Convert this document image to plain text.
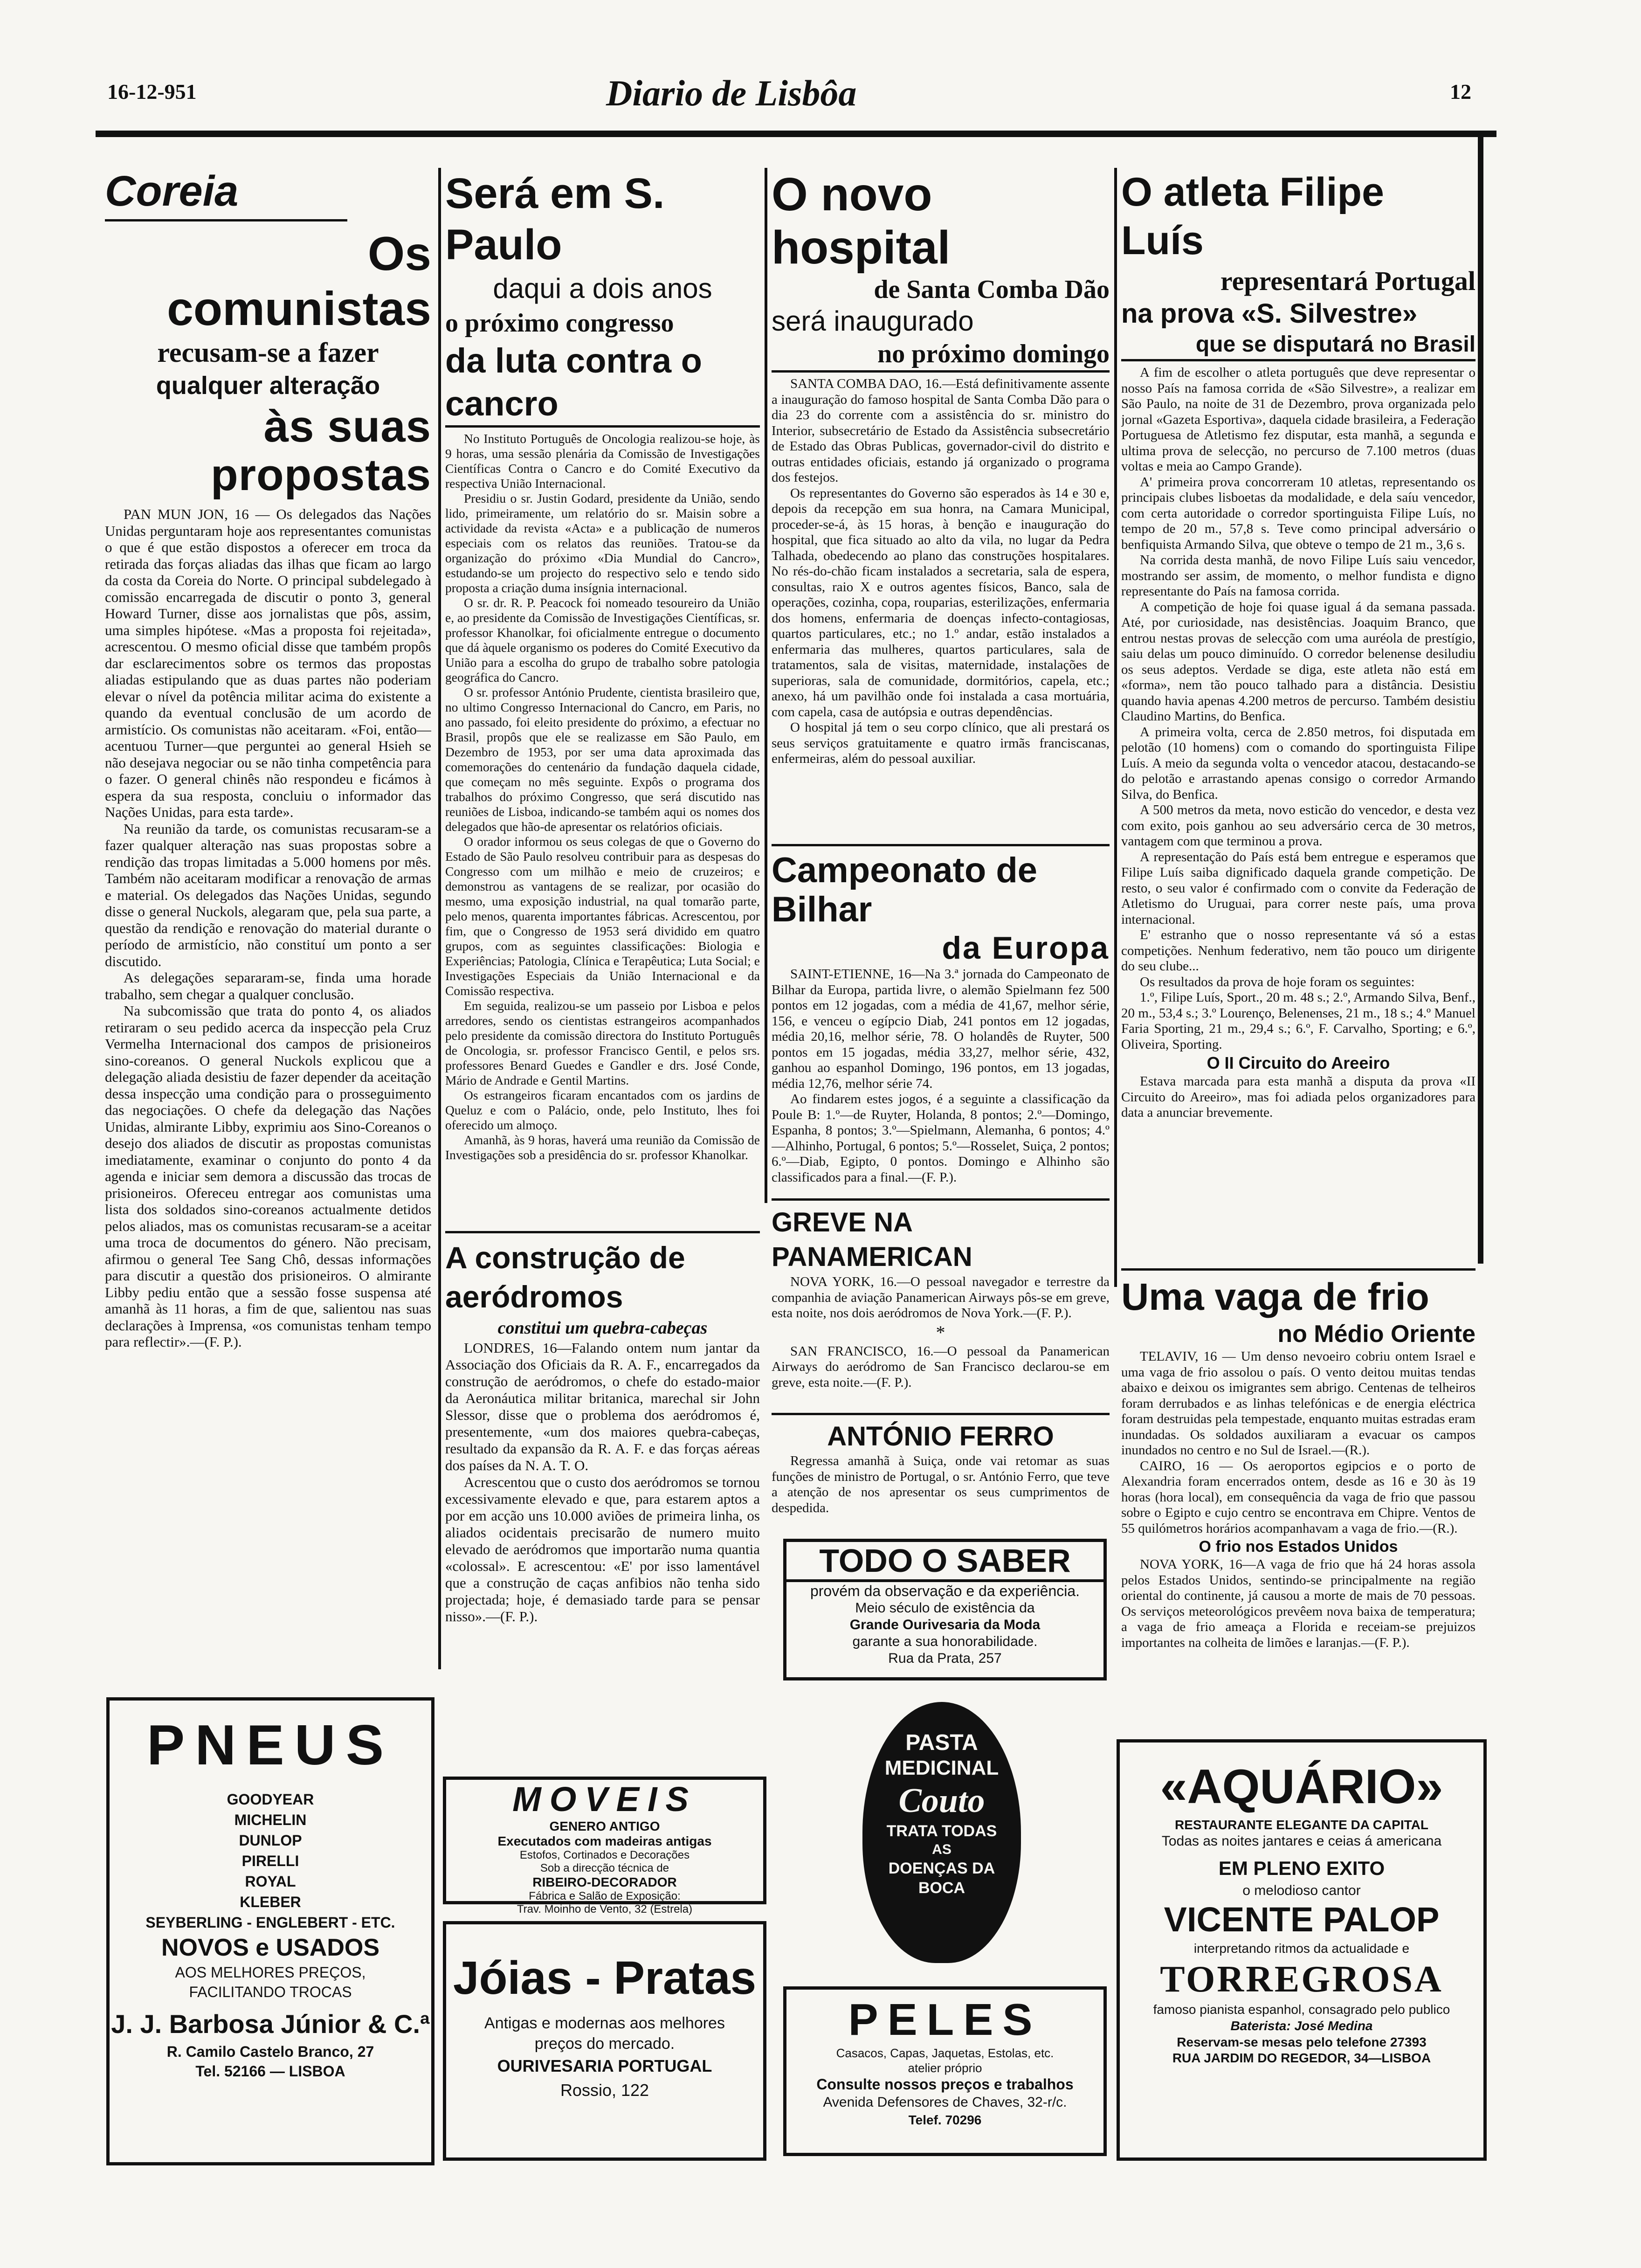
16-12-951	Diario de Lisbôa	12
Coreia
Os comunistas
recusam-se a fazer
qualquer alteração
às suas propostas

PAN MUN JON, 16 — Os delegados das Nações Unidas perguntaram hoje aos representantes comunistas o que é que estão dispostos a oferecer em troca da retirada das forças aliadas das ilhas que ficam ao largo da costa da Coreia do Norte. O principal subdelegado à comissão encarregada de discutir o ponto 3, general Howard Turner, disse aos jornalistas que pôs, assim, uma simples hipótese. «Mas a proposta foi rejeitada», acrescentou. O mesmo oficial disse que também propôs dar esclarecimentos sobre os termos das propostas aliadas estipulando que as duas partes não poderiam elevar o nível da potência militar acima do existente a quando da eventual conclusão de um acordo de armistício. Os comunistas não aceitaram. «Foi, então—acentuou Turner—que perguntei ao general Hsieh se não desejava negociar ou se não tinha competência para o fazer. O general chinês não respondeu e ficámos à espera da sua resposta, concluiu o informador das Nações Unidas, para esta tarde».

Na reunião da tarde, os comunistas recusaram-se a fazer qualquer alteração nas suas propostas sobre a rendição das tropas limitadas a 5.000 homens por mês. Também não aceitaram modificar a renovação de armas e material. Os delegados das Nações Unidas, segundo disse o general Nuckols, alegaram que, pela sua parte, a questão da rendição e renovação do material durante o período de armistício, não constituí um ponto a ser discutido.

As delegações separaram-se, finda uma horade trabalho, sem chegar a qualquer conclusão.

Na subcomissão que trata do ponto 4, os aliados retiraram o seu pedido acerca da inspecção pela Cruz Vermelha Internacional dos campos de prisioneiros sino-coreanos. O general Nuckols explicou que a delegação aliada desistiu de fazer depender da aceitação dessa inspecção uma condição para o prosseguimento das negociações. O chefe da delegação das Nações Unidas, almirante Libby, exprimiu aos Sino-Coreanos o desejo dos aliados de discutir as propostas comunistas imediatamente, examinar o conjunto do ponto 4 da agenda e iniciar sem demora a discussão das trocas de prisioneiros. Ofereceu entregar aos comunistas uma lista dos soldados sino-coreanos actualmente detidos pelos aliados, mas os comunistas recusaram-se a aceitar uma troca de documentos do género. Não precisam, afirmou o general Tee Sang Chô, dessas informações para discutir a questão dos prisioneiros. O almirante Libby pediu então que a sessão fosse suspensa até amanhã às 11 horas, a fim de que, salientou nas suas declarações à Imprensa, «os comunistas tenham tempo para reflectir».—(F. P.).

Será em S. Paulo
daqui a dois anos
o próximo congresso
da luta contra o cancro

No Instituto Português de Oncologia realizou-se hoje, às 9 horas, uma sessão plenária da Comissão de Investigações Científicas Contra o Cancro e do Comité Executivo da respectiva União Internacional.

Presidiu o sr. Justin Godard, presidente da União, sendo lido, primeiramente, um relatório do sr. Maisin sobre a actividade da revista «Acta» e a publicação de numeros especiais com os relatos das reuniões. Tratou-se da organização do próximo «Dia Mundial do Cancro», estudando-se um projecto do respectivo selo e tendo sido proposta a criação duma insígnia internacional.

O sr. dr. R. P. Peacock foi nomeado tesoureiro da União e, ao presidente da Comissão de Investigações Científicas, sr. professor Khanolkar, foi oficialmente entregue o documento que dá àquele organismo os poderes do Comité Executivo da União para a escolha do grupo de trabalho sobre patologia geográfica do Cancro.

O sr. professor António Prudente, cientista brasileiro que, no ultimo Congresso Internacional do Cancro, em Paris, no ano passado, foi eleito presidente do próximo, a efectuar no Brasil, propôs que ele se realizasse em São Paulo, em Dezembro de 1953, por ser uma data aproximada das comemorações do centenário da fundação daquela cidade, que começam no mês seguinte. Expôs o programa dos trabalhos do próximo Congresso, que será discutido nas reuniões de Lisboa, indicando-se também aqui os nomes dos delegados que hão-de apresentar os relatórios oficiais.

O orador informou os seus colegas de que o Governo do Estado de São Paulo resolveu contribuir para as despesas do Congresso com um milhão e meio de cruzeiros; e demonstrou as vantagens de se realizar, por ocasião do mesmo, uma exposição industrial, na qual tomarão parte, pelo menos, quarenta importantes fábricas. Acrescentou, por fim, que o Congresso de 1953 será dividido em quatro grupos, com as seguintes classificações: Biologia e Experiências; Patologia, Clínica e Terapêutica; Luta Social; e Investigações Especiais da União Internacional e da Comissão respectiva.

Em seguida, realizou-se um passeio por Lisboa e pelos arredores, sendo os cientistas estrangeiros acompanhados pelo presidente da comissão directora do Instituto Português de Oncologia, sr. professor Francisco Gentil, e pelos srs. professores Benard Guedes e Gandler e drs. José Conde, Mário de Andrade e Gentil Martins.

Os estrangeiros ficaram encantados com os jardins de Queluz e com o Palácio, onde, pelo Instituto, lhes foi oferecido um almoço.

Amanhã, às 9 horas, haverá uma reunião da Comissão de Investigações sob a presidência do sr. professor Khanolkar.

A construção de aeródromos
constitui um quebra-cabeças

LONDRES, 16—Falando ontem num jantar da Associação dos Oficiais da R. A. F., encarregados da construção de aeródromos, o chefe do estado-maior da Aeronáutica militar britanica, marechal sir John Slessor, disse que o problema dos aeródromos é, presentemente, «um dos maiores quebra-cabeças, resultado da expansão da R. A. F. e das forças aéreas dos países da N. A. T. O.

Acrescentou que o custo dos aeródromos se tornou excessivamente elevado e que, para estarem aptos a por em acção uns 10.000 aviões de primeira linha, os aliados ocidentais precisarão de numero muito elevado de aeródromos que importarão numa quantia «colossal». E acrescentou: «E' por isso lamentável que a construção de caças anfibios não tenha sido projectada; hoje, é demasiado tarde para se pensar nisso».—(F. P.).

O novo hospital
de Santa Comba Dão
será inaugurado
no próximo domingo

SANTA COMBA DAO, 16.—Está definitivamente assente a inauguração do famoso hospital de Santa Comba Dão para o dia 23 do corrente com a assistência do sr. ministro do Interior, subsecretário de Estado da Assistência subsecretário de Estado das Obras Publicas, governador-civil do distrito e outras entidades oficiais, estando já organizado o programa dos festejos.

Os representantes do Governo são esperados às 14 e 30 e, depois da recepção em sua honra, na Camara Municipal, proceder-se-á, às 15 horas, à benção e inauguração do hospital, que fica situado ao alto da vila, no lugar da Pedra Talhada, obedecendo ao plano das construções hospitalares. No rés-do-chão ficam instalados a secretaria, sala de espera, consultas, raio X e outros agentes físicos, Banco, sala de operações, cozinha, copa, rouparias, esterilizações, enfermaria dos homens, enfermaria de doenças infecto-contagiosas, quartos particulares, etc.; no 1.º andar, estão instalados a enfermaria das mulheres, quartos particulares, sala de tratamentos, sala de visitas, maternidade, instalações de superioras, sala de comunidade, dormitórios, capela, etc.; anexo, há um pavilhão onde foi instalada a casa mortuária, com capela, casa de autópsia e outras dependências.

O hospital já tem o seu corpo clínico, que ali prestará os seus serviços gratuitamente e quatro irmãs franciscanas, enfermeiras, além do pessoal auxiliar.

Campeonato de Bilhar
da Europa

SAINT-ETIENNE, 16—Na 3.ª jornada do Campeonato de Bilhar da Europa, partida livre, o alemão Spielmann fez 500 pontos em 12 jogadas, com a média de 41,67, melhor série, 156, e venceu o egípcio Diab, 241 pontos em 12 jogadas, média 20,16, melhor série, 78. O holandês de Ruyter, 500 pontos em 15 jogadas, média 33,27, melhor série, 432, ganhou ao espanhol Domingo, 196 pontos, em 13 jogadas, média 12,76, melhor série 74.

Ao findarem estes jogos, é a seguinte a classificação da Poule B: 1.º—de Ruyter, Holanda, 8 pontos; 2.º—Domingo, Espanha, 8 pontos; 3.º—Spielmann, Alemanha, 6 pontos; 4.º—Alhinho, Portugal, 6 pontos; 5.º—Rosselet, Suiça, 2 pontos; 6.º—Diab, Egipto, 0 pontos. Domingo e Alhinho são classificados para a final.—(F. P.).

GREVE NA PANAMERICAN

NOVA YORK, 16.—O pessoal navegador e terrestre da companhia de aviação Panamerican Airways pôs-se em greve, esta noite, nos dois aeródromos de Nova York.—(F. P.).

*

SAN FRANCISCO, 16.—O pessoal da Panamerican Airways do aeródromo de San Francisco declarou-se em greve, esta noite.—(F. P.).

ANTÓNIO FERRO

Regressa amanhã à Suiça, onde vai retomar as suas funções de ministro de Portugal, o sr. António Ferro, que teve a atenção de nos apresentar os seus cumprimentos de despedida.

O atleta Filipe Luís
representará Portugal
na prova «S. Silvestre»
que se disputará no Brasil

A fim de escolher o atleta português que deve representar o nosso País na famosa corrida de «São Silvestre», a realizar em São Paulo, na noite de 31 de Dezembro, prova organizada pelo jornal «Gazeta Esportiva», daquela cidade brasileira, a Federação Portuguesa de Atletismo fez disputar, esta manhã, a segunda e ultima prova de selecção, no percurso de 7.100 metros (duas voltas e meia ao Campo Grande).

A' primeira prova concorreram 10 atletas, representando os principais clubes lisboetas da modalidade, e dela saíu vencedor, com certa autoridade o corredor sportinguista Filipe Luís, no tempo de 20 m., 57,8 s. Teve como principal adversário o benfiquista Armando Silva, que obteve o tempo de 21 m., 3,6 s.

Na corrida desta manhã, de novo Filipe Luís saiu vencedor, mostrando ser assim, de momento, o melhor fundista e digno representante do País na famosa corrida.

A competição de hoje foi quase igual á da semana passada. Até, por curiosidade, nas desistências. Joaquim Branco, que entrou nestas provas de selecção com uma auréola de prestígio, saiu delas um pouco diminuído. O corredor belenense desiludiu os seus adeptos. Verdade se diga, este atleta não está em «forma», nem tão pouco talhado para a distância. Desistiu quando havia apenas 4.200 metros de percurso. Também desistiu Claudino Martins, do Benfica.

A primeira volta, cerca de 2.850 metros, foi disputada em pelotão (10 homens) com o comando do sportinguista Filipe Luís. A meio da segunda volta o vencedor atacou, destacando-se do pelotão e arrastando apenas consigo o corredor Armando Silva, do Benfica.

A 500 metros da meta, novo esticão do vencedor, e desta vez com exito, pois ganhou ao seu adversário cerca de 30 metros, vantagem com que terminou a prova.

A representação do País está bem entregue e esperamos que Filipe Luís saiba dignificado daquela grande competição. De resto, o seu valor é confirmado com o convite da Federação de Atletismo do Uruguai, para correr neste país, uma prova internacional.

E' estranho que o nosso representante vá só a estas competições. Nenhum federativo, nem tão pouco um dirigente do seu clube...

Os resultados da prova de hoje foram os seguintes:

1.º, Filipe Luís, Sport., 20 m. 48 s.; 2.º, Armando Silva, Benf., 20 m., 53,4 s.; 3.º Lourenço, Belenenses, 21 m., 18 s.; 4.º Manuel Faria Sporting, 21 m., 29,4 s.; 6.º, F. Carvalho, Sporting; e 6.º, Oliveira, Sporting.

O II Circuito do Areeiro

Estava marcada para esta manhã a disputa da prova «II Circuito do Areeiro», mas foi adiada pelos organizadores para data a anunciar brevemente.

Uma vaga de frio
no Médio Oriente

TELAVIV, 16 — Um denso nevoeiro cobriu ontem Israel e uma vaga de frio assolou o país. O vento deitou muitas tendas abaixo e deixou os imigrantes sem abrigo. Centenas de telheiros foram derrubados e as linhas telefónicas e de energia eléctrica foram destruidas pela tempestade, enquanto muitas estradas eram inundadas. Os soldados auxiliaram a evacuar os campos inundados no centro e no Sul de Israel.—(R.).

CAIRO, 16 — Os aeroportos egipcios e o porto de Alexandria foram encerrados ontem, desde as 16 e 30 às 19 horas (hora local), em consequência da vaga de frio que passou sobre o Egipto e cujo centro se encontrava em Chipre. Ventos de 55 quilómetros horários acompanhavam a vaga de frio.—(R.).

O frio nos Estados Unidos

NOVA YORK, 16—A vaga de frio que há 24 horas assola pelos Estados Unidos, sentindo-se principalmente na região oriental do continente, já causou a morte de mais de 70 pessoas. Os serviços meteorológicos prevêem nova baixa de temperatura; a vaga de frio ameaça a Florida e receiam-se prejuizos importantes na colheita de limões e laranjas.—(F. P.).

PNEUS
GOODYEAR
MICHELIN
DUNLOP
PIRELLI
ROYAL
KLEBER
SEYBERLING - ENGLEBERT - ETC.
NOVOS e USADOS
AOS MELHORES PREÇOS,
FACILITANDO TROCAS
J. J. Barbosa Júnior & C.ª
R. Camilo Castelo Branco, 27
Tel. 52166 — LISBOA
MOVEIS
GENERO ANTIGO
Executados com madeiras antigas
Estofos, Cortinados e Decorações
Sob a direcção técnica de
RIBEIRO-DECORADOR
Fábrica e Salão de Exposição:
Trav. Moinho de Vento, 32 (Estrela)
Jóias - Pratas
Antigas e modernas aos melhores preços do mercado.
OURIVESARIA PORTUGAL
Rossio, 122
TODO O SABER
provém da observação e da experiência.
Meio século de existência da
Grande Ourivesaria da Moda
garante a sua honorabilidade.
Rua da Prata, 257
PASTA
MEDICINAL
Couto
TRATA TODAS
AS
DOENÇAS DA
BOCA
PELES
Casacos, Capas, Jaquetas, Estolas, etc.
atelier próprio
Consulte nossos preços e trabalhos
Avenida Defensores de Chaves, 32-r/c.
Telef. 70296
«AQUÁRIO»
RESTAURANTE ELEGANTE DA CAPITAL
Todas as noites jantares e ceias á americana
EM PLENO EXITO
o melodioso cantor
VICENTE PALOP
interpretando ritmos da actualidade e
TORREGROSA
famoso pianista espanhol, consagrado pelo publico
Baterista: José Medina
Reservam-se mesas pelo telefone 27393
RUA JARDIM DO REGEDOR, 34—LISBOA
